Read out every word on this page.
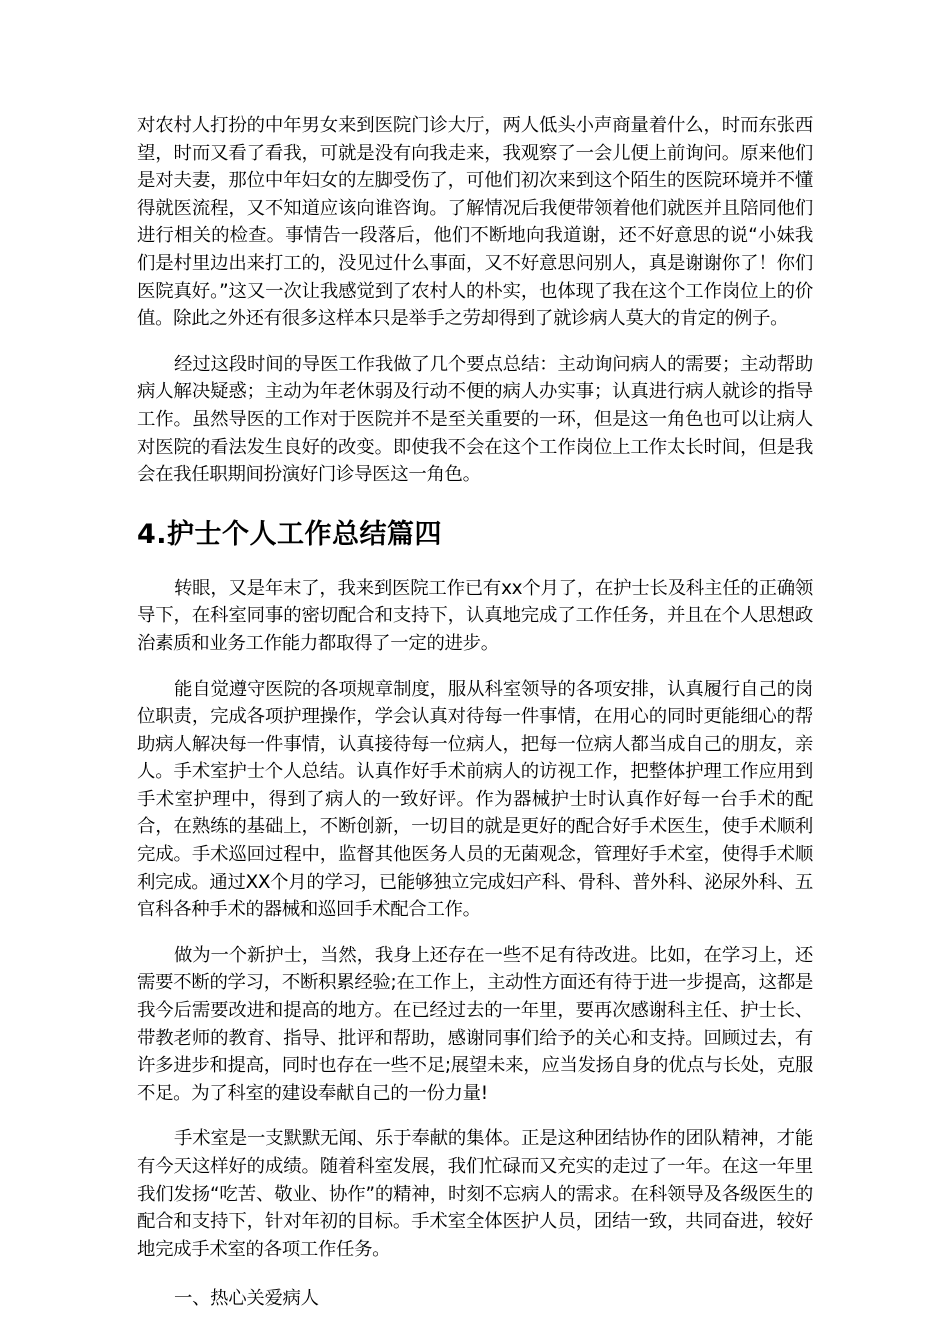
对农村人打扮的中年男女来到医院门诊大厅，两人低头小声商量着什么，时而东张西望，时而又看了看我，可就是没有向我走来，我观察了一会儿便上前询问。原来他们是对夫妻，那位中年妇女的左脚受伤了，可他们初次来到这个陌生的医院环境并不懂得就医流程，又不知道应该向谁咨询。了解情况后我便带领着他们就医并且陪同他们进行相关的检查。事情告一段落后，他们不断地向我道谢，还不好意思的说“小妹我们是村里边出来打工的，没见过什么事面，又不好意思问别人，真是谢谢你了！你们医院真好。”这又一次让我感觉到了农村人的朴实，也体现了我在这个工作岗位上的价值。除此之外还有很多这样本只是举手之劳却得到了就诊病人莫大的肯定的例子。

经过这段时间的导医工作我做了几个要点总结：主动询问病人的需要；主动帮助病人解决疑惑；主动为年老休弱及行动不便的病人办实事；认真进行病人就诊的指导工作。虽然导医的工作对于医院并不是至关重要的一环，但是这一角色也可以让病人对医院的看法发生良好的改变。即使我不会在这个工作岗位上工作太长时间，但是我会在我任职期间扮演好门诊导医这一角色。

4.护士个人工作总结篇四

转眼，又是年末了，我来到医院工作已有xx个月了，在护士长及科主任的正确领导下，在科室同事的密切配合和支持下，认真地完成了工作任务，并且在个人思想政治素质和业务工作能力都取得了一定的进步。

能自觉遵守医院的各项规章制度，服从科室领导的各项安排，认真履行自己的岗位职责，完成各项护理操作，学会认真对待每一件事情，在用心的同时更能细心的帮助病人解决每一件事情，认真接待每一位病人，把每一位病人都当成自己的朋友，亲人。手术室护士个人总结。认真作好手术前病人的访视工作，把整体护理工作应用到手术室护理中，得到了病人的一致好评。作为器械护士时认真作好每一台手术的配合，在熟练的基础上，不断创新，一切目的就是更好的配合好手术医生，使手术顺利完成。手术巡回过程中，监督其他医务人员的无菌观念，管理好手术室，使得手术顺利完成。通过XX个月的学习，已能够独立完成妇产科、骨科、普外科、泌尿外科、五官科各种手术的器械和巡回手术配合工作。

做为一个新护士，当然，我身上还存在一些不足有待改进。比如，在学习上，还需要不断的学习，不断积累经验;在工作上，主动性方面还有待于进一步提高，这都是我今后需要改进和提高的地方。在已经过去的一年里，要再次感谢科主任、护士长、带教老师的教育、指导、批评和帮助，感谢同事们给予的关心和支持。回顾过去，有许多进步和提高，同时也存在一些不足;展望未来，应当发扬自身的优点与长处，克服不足。为了科室的建设奉献自己的一份力量!

手术室是一支默默无闻、乐于奉献的集体。正是这种团结协作的团队精神，才能有今天这样好的成绩。随着科室发展，我们忙碌而又充实的走过了一年。在这一年里我们发扬“吃苦、敬业、协作”的精神，时刻不忘病人的需求。在科领导及各级医生的配合和支持下，针对年初的目标。手术室全体医护人员，团结一致，共同奋进，较好地完成手术室的各项工作任务。

一、热心关爱病人
